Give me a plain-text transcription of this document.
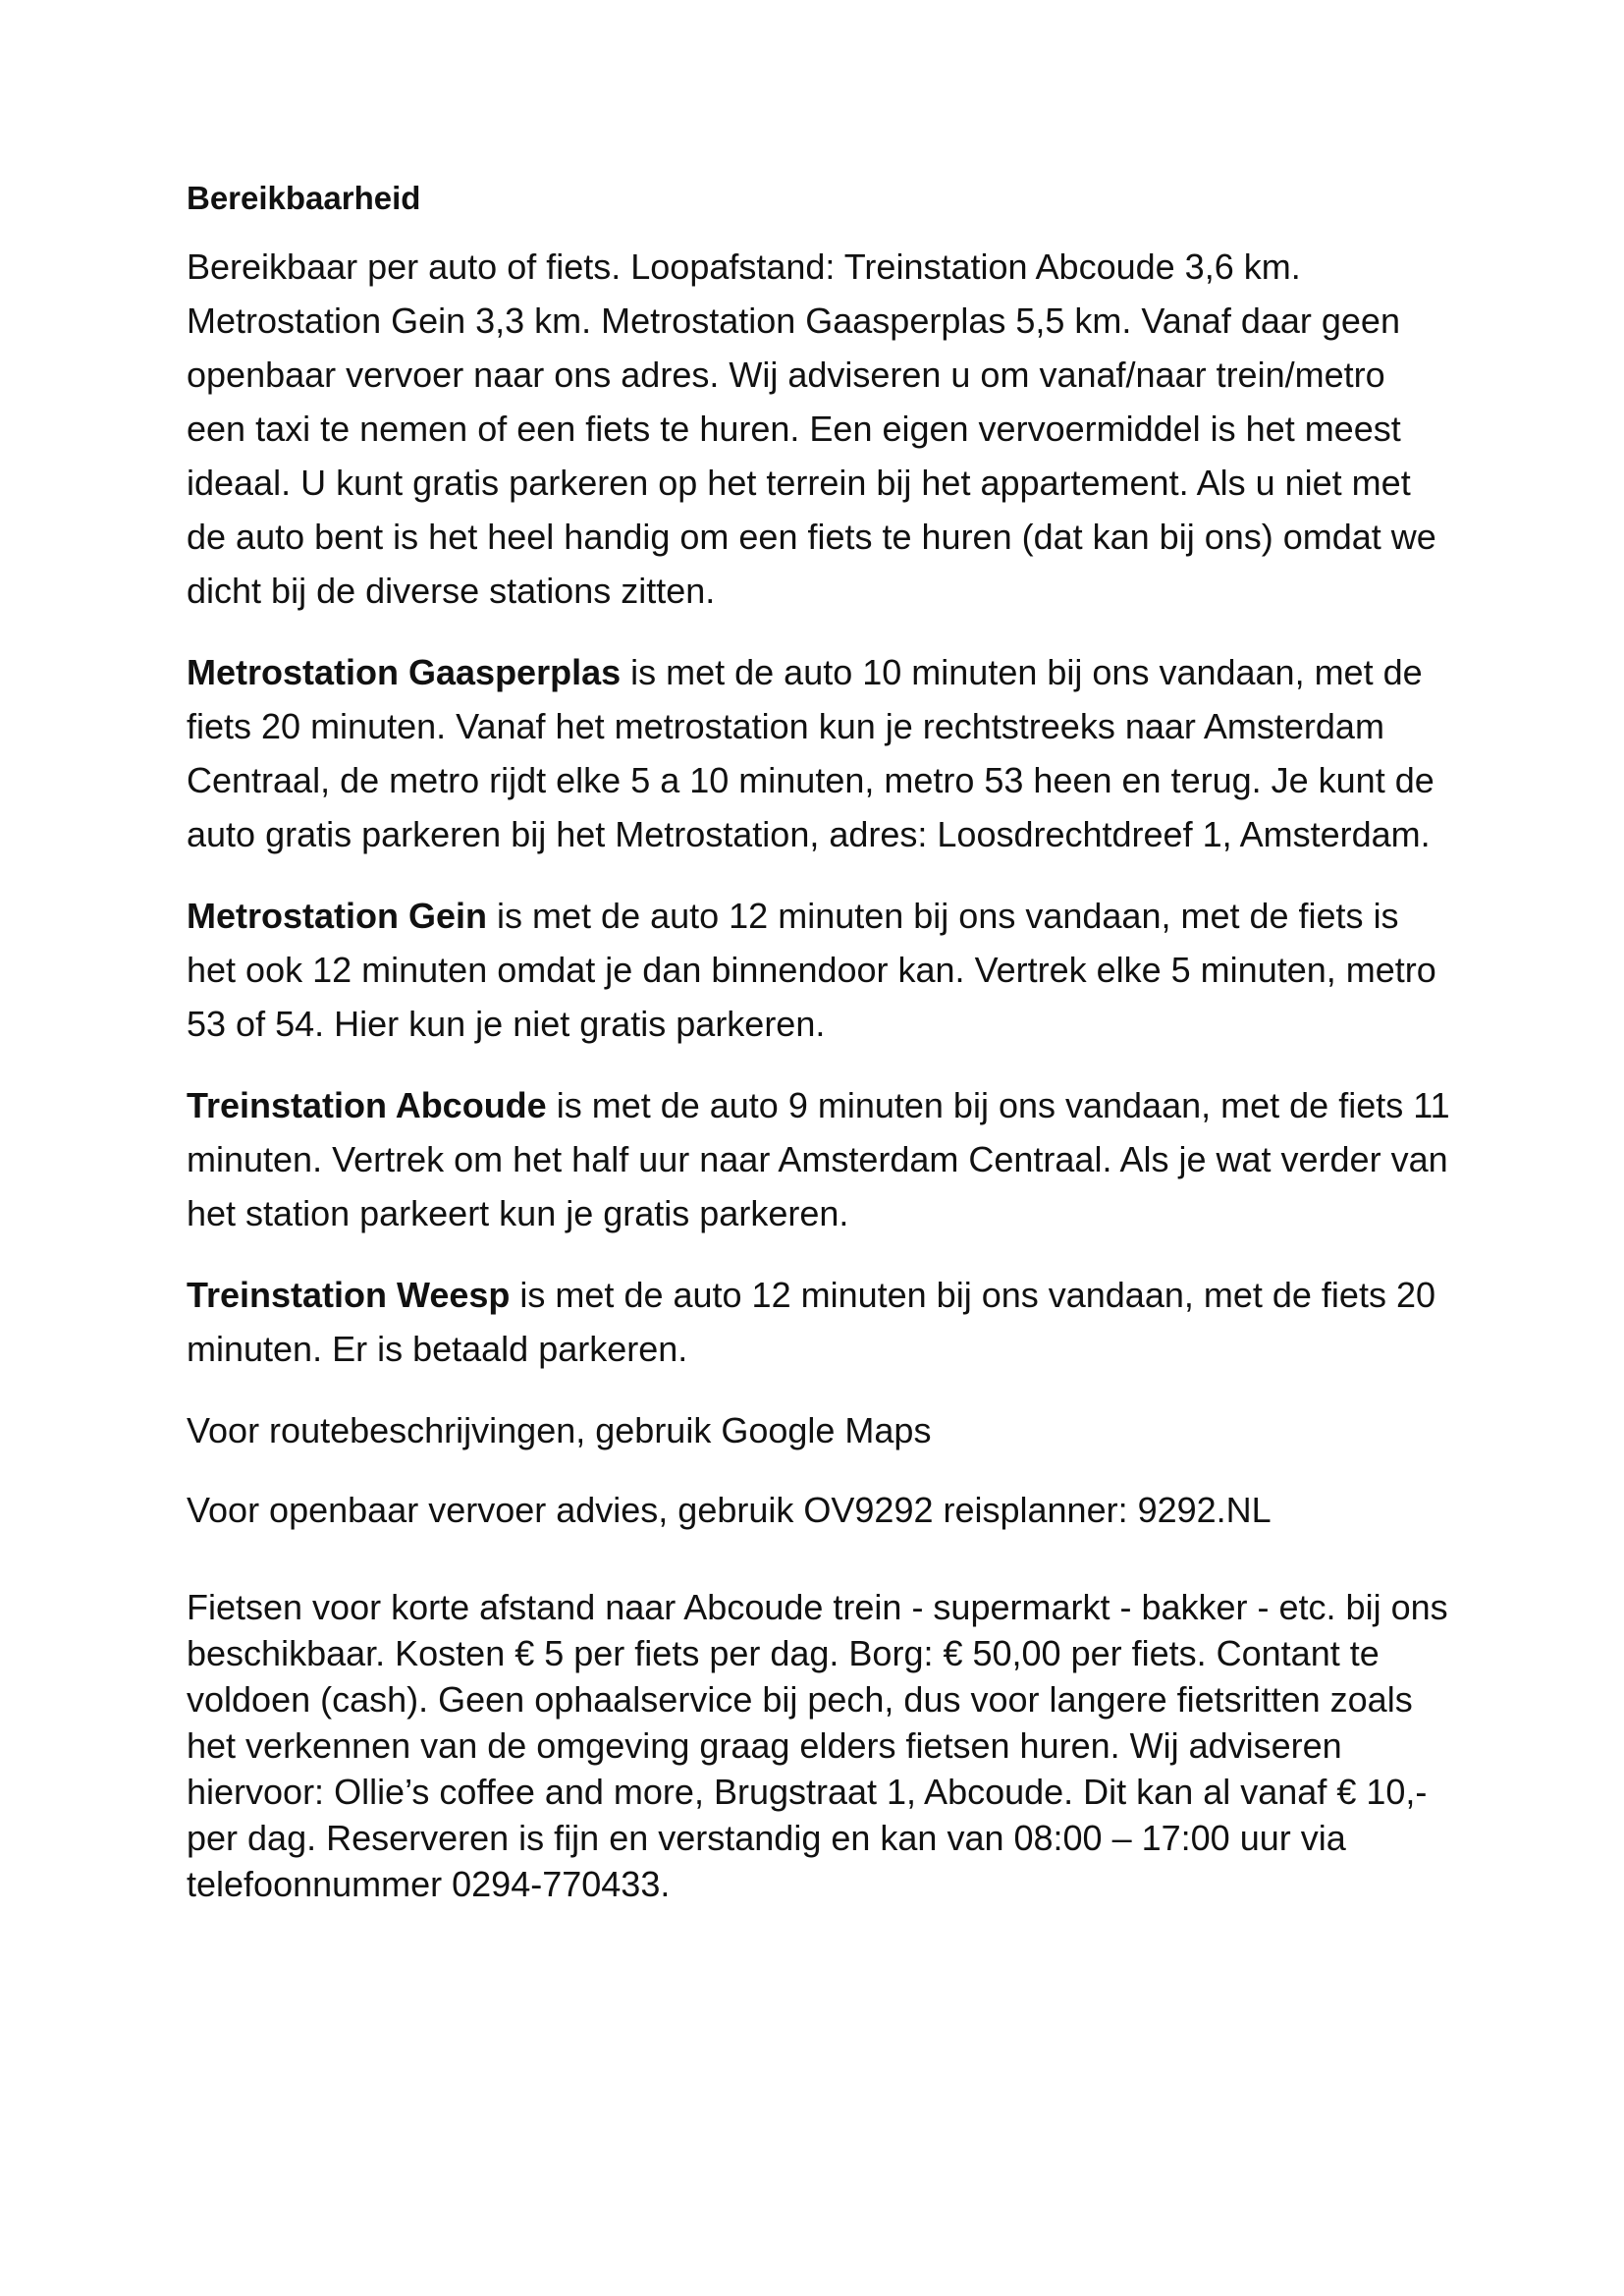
Bereikbaarheid

Bereikbaar per auto of fiets. Loopafstand: Treinstation Abcoude 3,6 km. Metrostation Gein 3,3 km. Metrostation Gaasperplas 5,5 km. Vanaf daar geen openbaar vervoer naar ons adres. Wij adviseren u om vanaf/naar trein/metro een taxi te nemen of een fiets te huren. Een eigen vervoermiddel is het meest ideaal. U kunt gratis parkeren op het terrein bij het appartement. Als u niet met de auto bent is het heel handig om een fiets te huren (dat kan bij ons) omdat we dicht bij de diverse stations zitten.

Metrostation Gaasperplas is met de auto 10 minuten bij ons vandaan, met de fiets 20 minuten. Vanaf het metrostation kun je rechtstreeks naar Amsterdam Centraal, de metro rijdt elke 5 a 10 minuten, metro 53 heen en terug. Je kunt de auto gratis parkeren bij het Metrostation, adres: Loosdrechtdreef 1, Amsterdam.

Metrostation Gein is met de auto 12 minuten bij ons vandaan, met de fiets is het ook 12 minuten omdat je dan binnendoor kan. Vertrek elke 5 minuten, metro 53 of 54. Hier kun je niet gratis parkeren.

Treinstation Abcoude is met de auto 9 minuten bij ons vandaan, met de fiets 11 minuten. Vertrek om het half uur naar Amsterdam Centraal. Als je wat verder van het station parkeert kun je gratis parkeren.

Treinstation Weesp is met de auto 12 minuten bij ons vandaan, met de fiets 20 minuten. Er is betaald parkeren.

Voor routebeschrijvingen, gebruik Google Maps

Voor openbaar vervoer advies, gebruik OV9292 reisplanner: 9292.NL

Fietsen voor korte afstand naar Abcoude trein - supermarkt - bakker - etc. bij ons beschikbaar. Kosten € 5 per fiets per dag. Borg: € 50,00 per fiets. Contant te voldoen (cash). Geen ophaalservice bij pech, dus voor langere fietsritten zoals het verkennen van de omgeving graag elders fietsen huren. Wij adviseren hiervoor: Ollie’s coffee and more, Brugstraat 1, Abcoude. Dit kan al vanaf € 10,- per dag. Reserveren is fijn en verstandig en kan van 08:00 – 17:00 uur via telefoonnummer 0294-770433.
